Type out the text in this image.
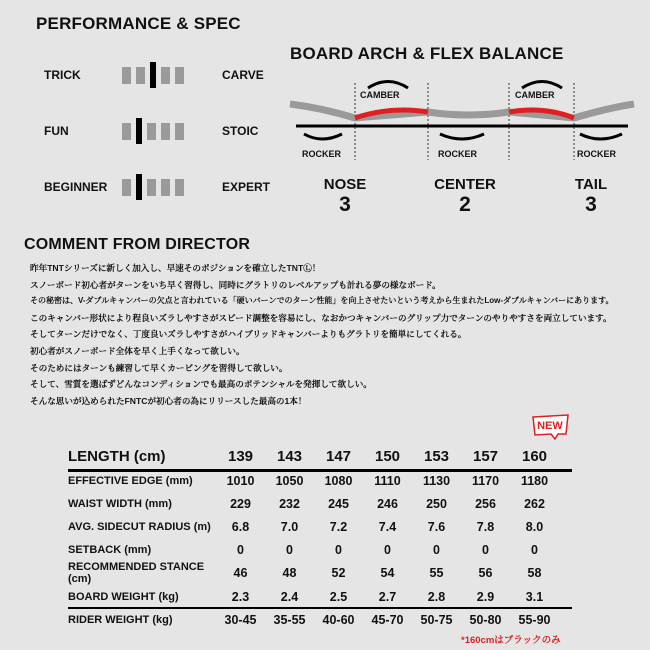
PERFORMANCE & SPEC
TRICK	CARVE
FUN	STOIC
BEGINNER	EXPERT
BOARD ARCH & FLEX BALANCE
CAMBER	CAMBER
ROCKER	ROCKER	ROCKER
NOSE	CENTER	TAIL
3	2	3
COMMENT FROM DIRECTOR
昨年TNTシリーズに新しく加入し、早速そのポジションを確立したTNTⓁ！
スノーボード初心者がターンをいち早く習得し、同時にグラトリのレベルアップも計れる夢の様なボード。
その秘密は、V-ダブルキャンバーの欠点と言われている「硬いバーンでのターン性能」を向上させたいという考えから生まれたLow-ダブルキャンバーにあります。
このキャンバー形状により程良いズラしやすさがスピード調整を容易にし、なおかつキャンバーのグリップ力でターンのやりやすさを両立しています。
そしてターンだけでなく、丁度良いズラしやすさがハイブリッドキャンバーよりもグラトリを簡単にしてくれる。
初心者がスノーボード全体を早く上手くなって欲しい。
そのためにはターンも練習して早くカービングを習得して欲しい。
そして、雪質を選ばずどんなコンディションでも最高のポテンシャルを発揮して欲しい。
そんな思いが込められたFNTCが初心者の為にリリースした最高の1本！
NEW
LENGTH (cm)	139	143	147	150	153	157	160
EFFECTIVE EDGE (mm)	1010	1050	1080	1110	1130	1170	1180
WAIST WIDTH (mm)	229	232	245	246	250	256	262
AVG. SIDECUT RADIUS (m)	6.8	7.0	7.2	7.4	7.6	7.8	8.0
SETBACK (mm)	0	0	0	0	0	0	0
RECOMMENDED STANCE (cm)	46	48	52	54	55	56	58
BOARD WEIGHT (kg)	2.3	2.4	2.5	2.7	2.8	2.9	3.1
RIDER WEIGHT (kg)	30-45	35-55	40-60	45-70	50-75	50-80	55-90
*160cmはブラックのみ
